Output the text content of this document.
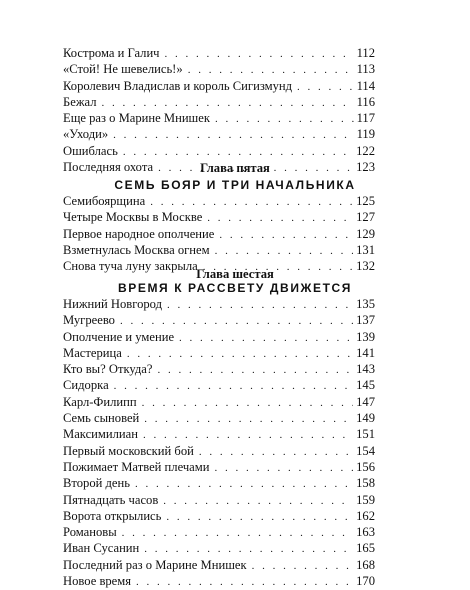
Кострома и Галич . . .	112
«Стой! Не шевелись!» . . .	113
Королевич Владислав и король Сигизмунд . . .	114
Бежал . . .	116
Еще раз о Марине Мнишек . . .	117
«Уходи» . . .	119
Ошиблась . . .	122
Последняя охота . . .	123
Глава пятая
СЕМЬ БОЯР И ТРИ НАЧАЛЬНИКА
Семибоярщина . . .	125
Четыре Москвы в Москве . . .	127
Первое народное ополчение . . .	129
Взметнулась Москва огнем . . .	131
Снова туча луну закрыла . . .	132
Глава шестая
ВРЕМЯ К РАССВЕТУ ДВИЖЕТСЯ
Нижний Новгород . . .	135
Мугреево . . .	137
Ополчение и умение . . .	139
Мастерица . . .	141
Кто вы? Откуда? . . .	143
Сидорка . . .	145
Карл-Филипп . . .	147
Семь сыновей . . .	149
Максимилиан . . .	151
Первый московский бой . . .	154
Пожимает Матвей плечами . . .	156
Второй день . . .	158
Пятнадцать часов . . .	159
Ворота открылись . . .	162
Романовы . . .	163
Иван Сусанин . . .	165
Последний раз о Марине Мнишек . . .	168
Новое время . . .	170
